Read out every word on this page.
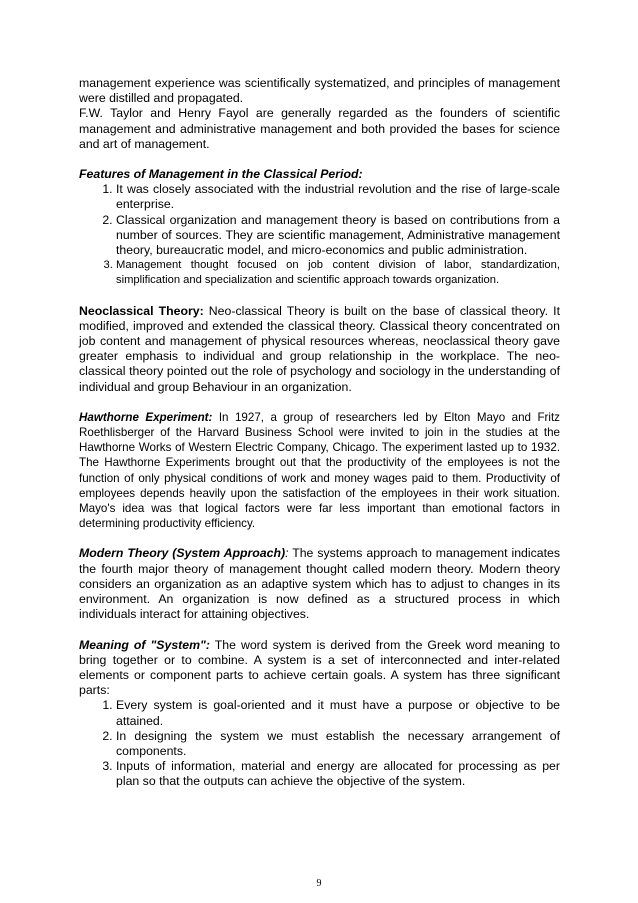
management experience was scientifically systematized, and principles of management were distilled and propagated.

F.W. Taylor and Henry Fayol are generally regarded as the founders of scientific management and administrative management and both provided the bases for science and art of management.

Features of Management in the Classical Period:

1. It was closely associated with the industrial revolution and the rise of large-scale enterprise.
2. Classical organization and management theory is based on contributions from a number of sources. They are scientific management, Administrative management theory, bureaucratic model, and micro-economics and public administration.
3. Management thought focused on job content division of labor, standardization, simplification and specialization and scientific approach towards organization.

Neoclassical Theory: Neo-classical Theory is built on the base of classical theory. It modified, improved and extended the classical theory. Classical theory concentrated on job content and management of physical resources whereas, neoclassical theory gave greater emphasis to individual and group relationship in the workplace. The neo-classical theory pointed out the role of psychology and sociology in the understanding of individual and group Behaviour in an organization.

Hawthorne Experiment: In 1927, a group of researchers led by Elton Mayo and Fritz Roethlisberger of the Harvard Business School were invited to join in the studies at the Hawthorne Works of Western Electric Company, Chicago. The experiment lasted up to 1932. The Hawthorne Experiments brought out that the productivity of the employees is not the function of only physical conditions of work and money wages paid to them. Productivity of employees depends heavily upon the satisfaction of the employees in their work situation. Mayo's idea was that logical factors were far less important than emotional factors in determining productivity efficiency.

Modern Theory (System Approach): The systems approach to management indicates the fourth major theory of management thought called modern theory. Modern theory considers an organization as an adaptive system which has to adjust to changes in its environment. An organization is now defined as a structured process in which individuals interact for attaining objectives.

Meaning of "System": The word system is derived from the Greek word meaning to bring together or to combine. A system is a set of interconnected and inter-related elements or component parts to achieve certain goals. A system has three significant parts:

1. Every system is goal-oriented and it must have a purpose or objective to be attained.
2. In designing the system we must establish the necessary arrangement of components.
3. Inputs of information, material and energy are allocated for processing as per plan so that the outputs can achieve the objective of the system.
9
